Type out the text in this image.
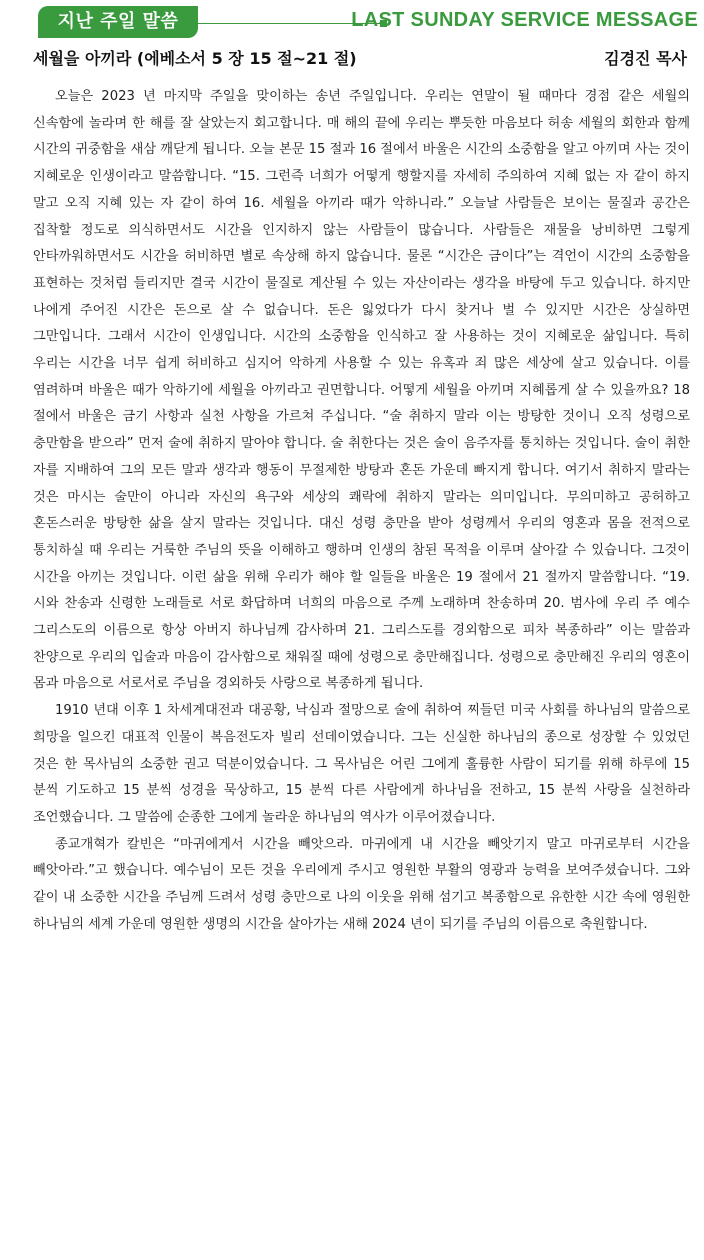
지난 주일 말씀	LAST SUNDAY SERVICE MESSAGE
세월을 아끼라 (에베소서 5 장 15 절~21 절)	김경진 목사

오늘은 2023 년 마지막 주일을 맞이하는 송년 주일입니다. 우리는 연말이 될 때마다 경점 같은 세월의 신속함에 놀라며 한 해를 잘 살았는지 회고합니다. 매 해의 끝에 우리는 뿌듯한 마음보다 허송 세월의 회한과 함께 시간의 귀중함을 새삼 깨닫게 됩니다. 오늘 본문 15 절과 16 절에서 바울은 시간의 소중함을 알고 아끼며 사는 것이 지혜로운 인생이라고 말씀합니다. “15. 그런즉 너희가 어떻게 행할지를 자세히 주의하여 지혜 없는 자 같이 하지 말고 오직 지혜 있는 자 같이 하여 16. 세월을 아끼라 때가 악하니라.” 오늘날 사람들은 보이는 물질과 공간은 집착할 정도로 의식하면서도 시간을 인지하지 않는 사람들이 많습니다. 사람들은 재물을 낭비하면 그렇게 안타까워하면서도 시간을 허비하면 별로 속상해 하지 않습니다. 물론 “시간은 금이다”는 격언이 시간의 소중함을 표현하는 것처럼 들리지만 결국 시간이 물질로 계산될 수 있는 자산이라는 생각을 바탕에 두고 있습니다. 하지만 나에게 주어진 시간은 돈으로 살 수 없습니다. 돈은 잃었다가 다시 찾거나 벌 수 있지만 시간은 상실하면 그만입니다. 그래서 시간이 인생입니다. 시간의 소중함을 인식하고 잘 사용하는 것이 지혜로운 삶입니다. 특히 우리는 시간을 너무 쉽게 허비하고 심지어 악하게 사용할 수 있는 유혹과 죄 많은 세상에 살고 있습니다. 이를 염려하며 바울은 때가 악하기에 세월을 아끼라고 권면합니다. 어떻게 세월을 아끼며 지혜롭게 살 수 있을까요? 18 절에서 바울은 금기 사항과 실천 사항을 가르쳐 주십니다. “술 취하지 말라 이는 방탕한 것이니 오직 성령으로 충만함을 받으라” 먼저 술에 취하지 말아야 합니다. 술 취한다는 것은 술이 음주자를 통치하는 것입니다. 술이 취한 자를 지배하여 그의 모든 말과 생각과 행동이 무절제한 방탕과 혼돈 가운데 빠지게 합니다. 여기서 취하지 말라는 것은 마시는 술만이 아니라 자신의 욕구와 세상의 쾌락에 취하지 말라는 의미입니다. 무의미하고 공허하고 혼돈스러운 방탕한 삶을 살지 말라는 것입니다. 대신 성령 충만을 받아 성령께서 우리의 영혼과 몸을 전적으로 통치하실 때 우리는 거룩한 주님의 뜻을 이해하고 행하며 인생의 참된 목적을 이루며 살아갈 수 있습니다. 그것이 시간을 아끼는 것입니다. 이런 삶을 위해 우리가 해야 할 일들을 바울은 19 절에서 21 절까지 말씀합니다. “19. 시와 찬송과 신령한 노래들로 서로 화답하며 너희의 마음으로 주께 노래하며 찬송하며 20. 범사에 우리 주 예수 그리스도의 이름으로 항상 아버지 하나님께 감사하며 21. 그리스도를 경외함으로 피차 복종하라” 이는 말씀과 찬양으로 우리의 입술과 마음이 감사함으로 채워질 때에 성령으로 충만해집니다. 성령으로 충만해진 우리의 영혼이 몸과 마음으로 서로서로 주님을 경외하듯 사랑으로 복종하게 됩니다.

1910 년대 이후 1 차세계대전과 대공황, 낙심과 절망으로 술에 취하여 찌들던 미국 사회를 하나님의 말씀으로 희망을 일으킨 대표적 인물이 복음전도자 빌리 선데이였습니다. 그는 신실한 하나님의 종으로 성장할 수 있었던 것은 한 목사님의 소중한 권고 덕분이었습니다. 그 목사님은 어린 그에게 훌륭한 사람이 되기를 위해 하루에 15 분씩 기도하고 15 분씩 성경을 묵상하고, 15 분씩 다른 사람에게 하나님을 전하고, 15 분씩 사랑을 실천하라 조언했습니다. 그 말씀에 순종한 그에게 놀라운 하나님의 역사가 이루어졌습니다.

종교개혁가 칼빈은 “마귀에게서 시간을 빼앗으라. 마귀에게 내 시간을 빼앗기지 말고 마귀로부터 시간을 빼앗아라.”고 했습니다. 예수님이 모든 것을 우리에게 주시고 영원한 부활의 영광과 능력을 보여주셨습니다. 그와 같이 내 소중한 시간을 주님께 드려서 성령 충만으로 나의 이웃을 위해 섬기고 복종함으로 유한한 시간 속에 영원한 하나님의 세계 가운데 영원한 생명의 시간을 살아가는 새해 2024 년이 되기를 주님의 이름으로 축원합니다.
